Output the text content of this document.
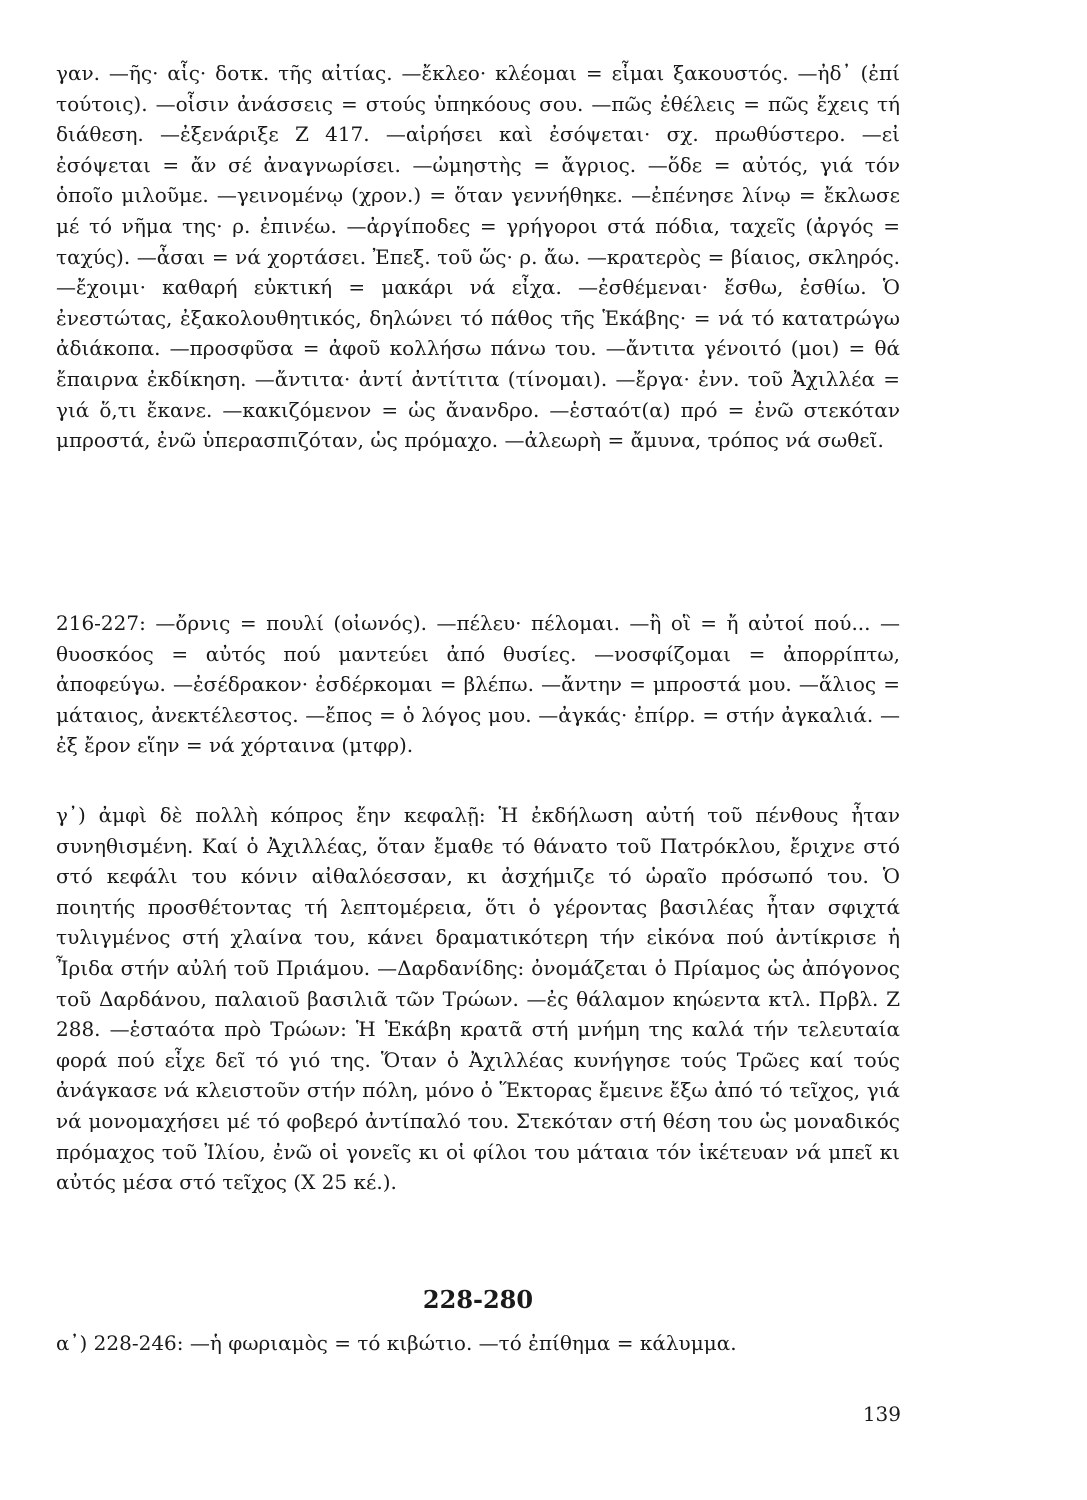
γαν. —ῆς· αἷς· δοτκ. τῆς αἰτίας. —ἔκλεο· κλέομαι = εἶμαι ξακουστός. —ἠδ᾽ (ἐπί τούτοις). —οἷσιν ἀνάσσεις = στούς ὑπηκόους σου. —πῶς ἐθέλεις = πῶς ἔχεις τή διάθεση. —ἐξενάριξε Ζ 417. —αἱρήσει καὶ ἐσόψεται· σχ. πρωθύστερο. —εἰ ἐσόψεται = ἄν σέ ἀναγνωρίσει. —ὠμηστὴς = ἄγριος. —ὅδε = αὐτός, γιά τόν ὁποῖο μιλοῦμε. —γεινομένῳ (χρον.) = ὅταν γεννήθηκε. —ἐπένησε λίνῳ = ἔκλωσε μέ τό νῆμα της· ρ. ἐπινέω. —ἀργίποδες = γρήγοροι στά πόδια, ταχεῖς (ἀργός = ταχύς). —ἆσαι = νά χορτάσει. Ἐπεξ. τοῦ ὥς· ρ. ἄω. —κρατερὸς = βίαιος, σκληρός. —ἔχοιμι· καθαρή εὐκτική = μακάρι νά εἶχα. —ἐσθέμεναι· ἔσθω, ἐσθίω. Ὁ ἐνεστώτας, ἐξακολουθητικός, δηλώνει τό πάθος τῆς Ἑκάβης· = νά τό κατατρώγω ἀδιάκοπα. —προσφῦσα = ἀφοῦ κολλήσω πάνω του. —ἄντιτα γένοιτό (μοι) = θά ἔπαιρνα ἐκδίκηση. —ἄντιτα· ἀντί ἀντίτιτα (τίνομαι). —ἔργα· ἐνν. τοῦ Ἀχιλλέα = γιά ὅ,τι ἔκανε. —κακιζόμενον = ὡς ἄνανδρο. —ἑσταότ(α) πρό = ἐνῶ στεκόταν μπροστά, ἐνῶ ὑπερασπιζόταν, ὡς πρόμαχο. —ἀλεωρὴ = ἄμυνα, τρόπος νά σωθεῖ.

216-227: —ὄρνις = πουλί (οἰωνός). —πέλευ· πέλομαι. —ἢ οἳ = ἤ αὐτοί πού... —θυοσκόος = αὐτός πού μαντεύει ἀπό θυσίες. —νοσφίζομαι = ἀπορρίπτω, ἀποφεύγω. —ἐσέδρακον· ἐσδέρκομαι = βλέπω. —ἄντην = μπροστά μου. —ἅλιος = μάταιος, ἀνεκτέλεστος. —ἔπος = ὁ λόγος μου. —ἀγκάς· ἐπίρρ. = στήν ἀγκαλιά. —ἐξ ἔρον εἵην = νά χόρταινα (μτφρ).

γ᾽) ἀμφὶ δὲ πολλὴ κόπρος ἔην κεφαλῇ: Ἡ ἐκδήλωση αὐτή τοῦ πένθους ἦταν συνηθισμένη. Καί ὁ Ἀχιλλέας, ὅταν ἔμαθε τό θάνατο τοῦ Πατρόκλου, ἔριχνε στό στό κεφάλι του κόνιν αἰθαλόεσσαν, κι ἀσχήμιζε τό ὡραῖο πρόσωπό του. Ὁ ποιητής προσθέτοντας τή λεπτομέρεια, ὅτι ὁ γέροντας βασιλέας ἦταν σφιχτά τυλιγμένος στή χλαίνα του, κάνει δραματικότερη τήν εἰκόνα πού ἀντίκρισε ἡ Ἶριδα στήν αὐλή τοῦ Πριάμου. —Δαρδανίδης: ὀνομάζεται ὁ Πρίαμος ὡς ἀπόγονος τοῦ Δαρδάνου, παλαιοῦ βασιλιᾶ τῶν Τρώων. —ἐς θάλαμον κηώεντα κτλ. Πρβλ. Ζ 288. —ἑσταότα πρὸ Τρώων: Ἡ Ἑκάβη κρατᾶ στή μνήμη της καλά τήν τελευταία φορά πού εἶχε δεῖ τό γιό της. Ὅταν ὁ Ἀχιλλέας κυνήγησε τούς Τρῶες καί τούς ἀνάγκασε νά κλειστοῦν στήν πόλη, μόνο ὁ Ἕκτορας ἔμεινε ἔξω ἀπό τό τεῖχος, γιά νά μονομαχήσει μέ τό φοβερό ἀντίπαλό του. Στεκόταν στή θέση του ὡς μοναδικός πρόμαχος τοῦ Ἰλίου, ἐνῶ οἱ γονεῖς κι οἱ φίλοι του μάταια τόν ἱκέτευαν νά μπεῖ κι αὐτός μέσα στό τεῖχος (Χ 25 κέ.).

228-280

α᾽) 228-246: —ἡ φωριαμὸς = τό κιβώτιο. —τό ἐπίθημα = κάλυμμα.

139
